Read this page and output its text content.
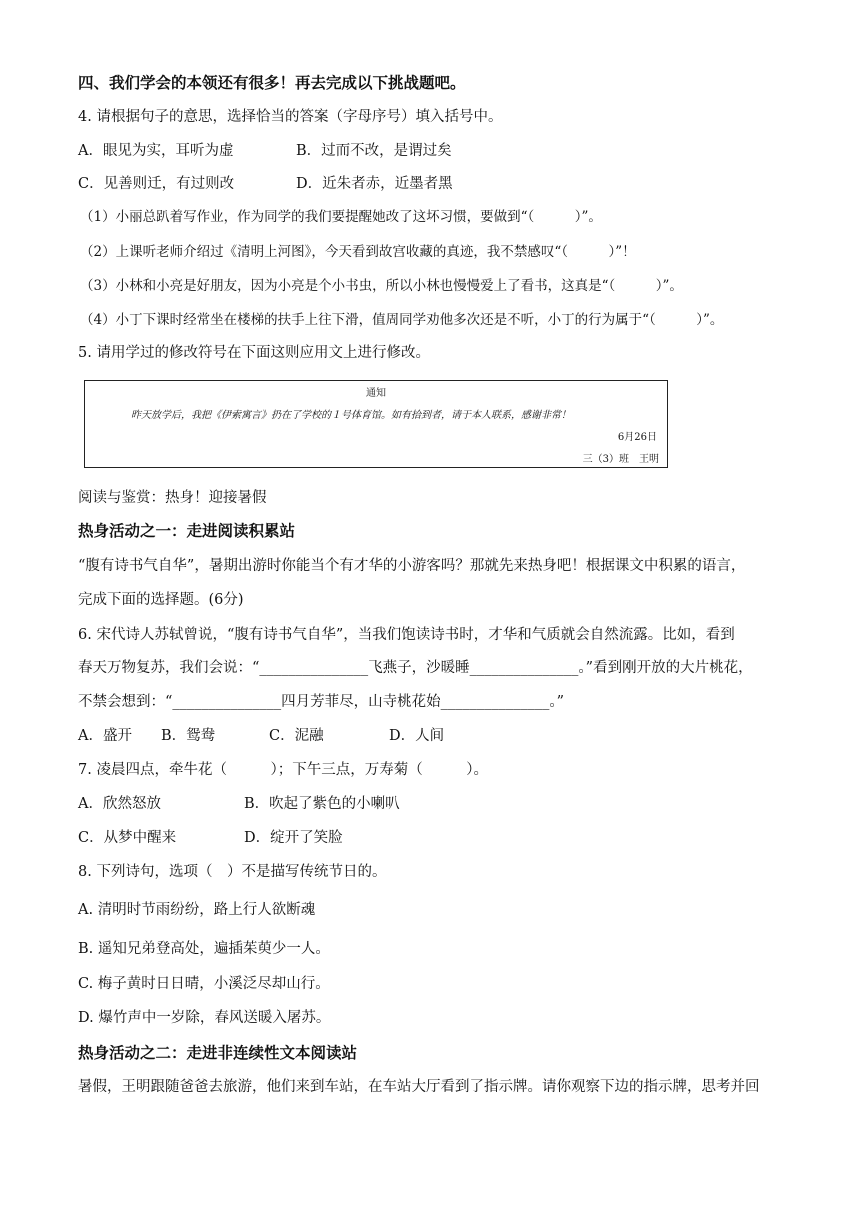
四、我们学会的本领还有很多！再去完成以下挑战题吧。
4. 请根据句子的意思，选择恰当的答案（字母序号）填入括号中。
A．眼见为实，耳听为虚	B．过而不改，是谓过矣
C．见善则迁，有过则改	D．近朱者赤，近墨者黑
（1）小丽总趴着写作业，作为同学的我们要提醒她改了这坏习惯，要做到“（　　　）”。
（2）上课听老师介绍过《清明上河图》，今天看到故宫收藏的真迹，我不禁感叹“（　　　）”！
（3）小林和小亮是好朋友，因为小亮是个小书虫，所以小林也慢慢爱上了看书，这真是“（　　　）”。
（4）小丁下课时经常坐在楼梯的扶手上往下滑，值周同学劝他多次还是不听，小丁的行为属于“（　　　）”。
5. 请用学过的修改符号在下面这则应用文上进行修改。
通知
昨天放学后，我把《伊索寓言》扔在了学校的１号体育馆。如有拾到者，请于本人联系，感谢非常！
6月26日
三（3）班　王明
阅读与鉴赏：热身！迎接暑假
热身活动之一：走进阅读积累站
“腹有诗书气自华”，暑期出游时你能当个有才华的小游客吗？那就先来热身吧！根据课文中积累的语言，
完成下面的选择题。(6分)
6. 宋代诗人苏轼曾说，“腹有诗书气自华”，当我们饱读诗书时，才华和气质就会自然流露。比如，看到
春天万物复苏，我们会说：“_______________飞燕子，沙暖睡_______________。”看到刚开放的大片桃花，
不禁会想到：“_______________四月芳菲尽，山寺桃花始_______________。”
A．盛开 B．鸳鸯	C．泥融	D．人间
7. 凌晨四点，牵牛花（　　　）；下午三点，万寿菊（　　　）。
A．欣然怒放	B．吹起了紫色的小喇叭
C．从梦中醒来	D．绽开了笑脸
8. 下列诗句，选项（　）不是描写传统节日的。
A. 清明时节雨纷纷，路上行人欲断魂
B. 遥知兄弟登高处，遍插茱萸少一人。
C. 梅子黄时日日晴，小溪泛尽却山行。
D. 爆竹声中一岁除，春风送暖入屠苏。
热身活动之二：走进非连续性文本阅读站
暑假，王明跟随爸爸去旅游，他们来到车站，在车站大厅看到了指示牌。请你观察下边的指示牌，思考并回
